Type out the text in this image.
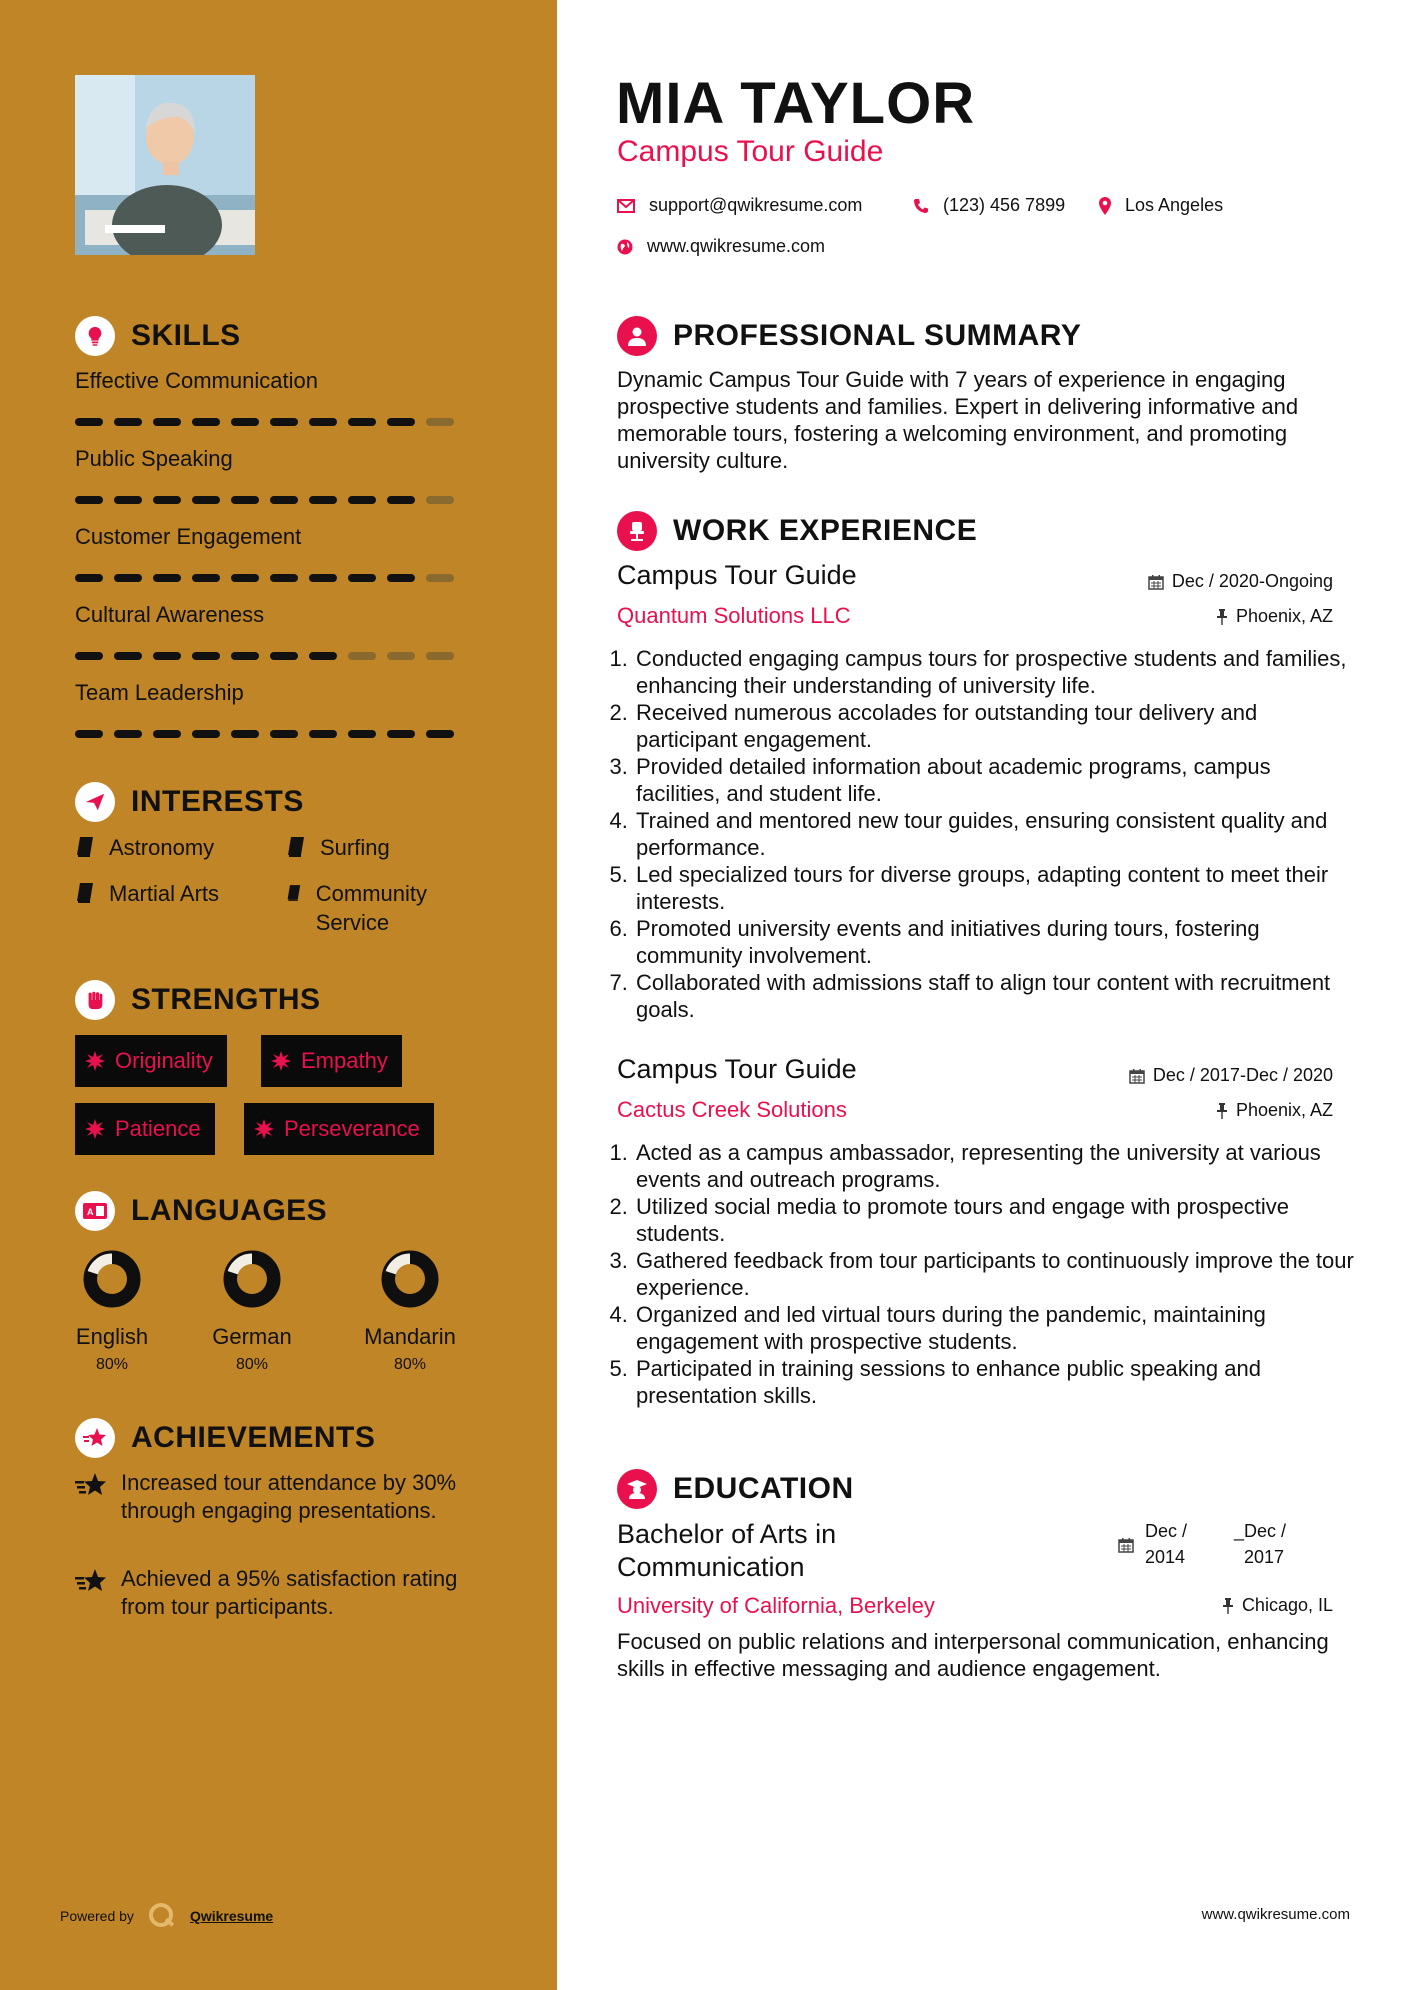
SKILLS
Effective Communication
Public Speaking
Customer Engagement
Cultural Awareness
Team Leadership
INTERESTS
Astronomy	Surfing
Martial Arts	Community Service
STRENGTHS
Originality	Empathy
Patience	Perseverance
A LANGUAGES
English
80%
German
80%
Mandarin
80%
ACHIEVEMENTS
Increased tour attendance by 30% through engaging presentations.
Achieved a 95% satisfaction rating from tour participants.
Powered by	Qwikresume
MIA TAYLOR
Campus Tour Guide
support@qwikresume.com	(123) 456 7899	Los Angeles
www.qwikresume.com
PROFESSIONAL SUMMARY
Dynamic Campus Tour Guide with 7 years of experience in engaging prospective students and families. Expert in delivering informative and memorable tours, fostering a welcoming environment, and promoting university culture.
WORK EXPERIENCE
Campus Tour Guide
Quantum Solutions LLC
Dec / 2020-Ongoing
Phoenix, AZ
1. Conducted engaging campus tours for prospective students and families, enhancing their understanding of university life.
2. Received numerous accolades for outstanding tour delivery and participant engagement.
3. Provided detailed information about academic programs, campus facilities, and student life.
4. Trained and mentored new tour guides, ensuring consistent quality and performance.
5. Led specialized tours for diverse groups, adapting content to meet their interests.
6. Promoted university events and initiatives during tours, fostering community involvement.
7. Collaborated with admissions staff to align tour content with recruitment goals.
Campus Tour Guide
Cactus Creek Solutions
Dec / 2017-Dec / 2020
Phoenix, AZ
1. Acted as a campus ambassador, representing the university at various events and outreach programs.
2. Utilized social media to promote tours and engage with prospective students.
3. Gathered feedback from tour participants to continuously improve the tour experience.
4. Organized and led virtual tours during the pandemic, maintaining engagement with prospective students.
5. Participated in training sessions to enhance public speaking and presentation skills.
EDUCATION
Bachelor of Arts in
Communication
University of California, Berkeley
Dec /
2014
_Dec /
2017
Chicago, IL
Focused on public relations and interpersonal communication, enhancing skills in effective messaging and audience engagement.
www.qwikresume.com
